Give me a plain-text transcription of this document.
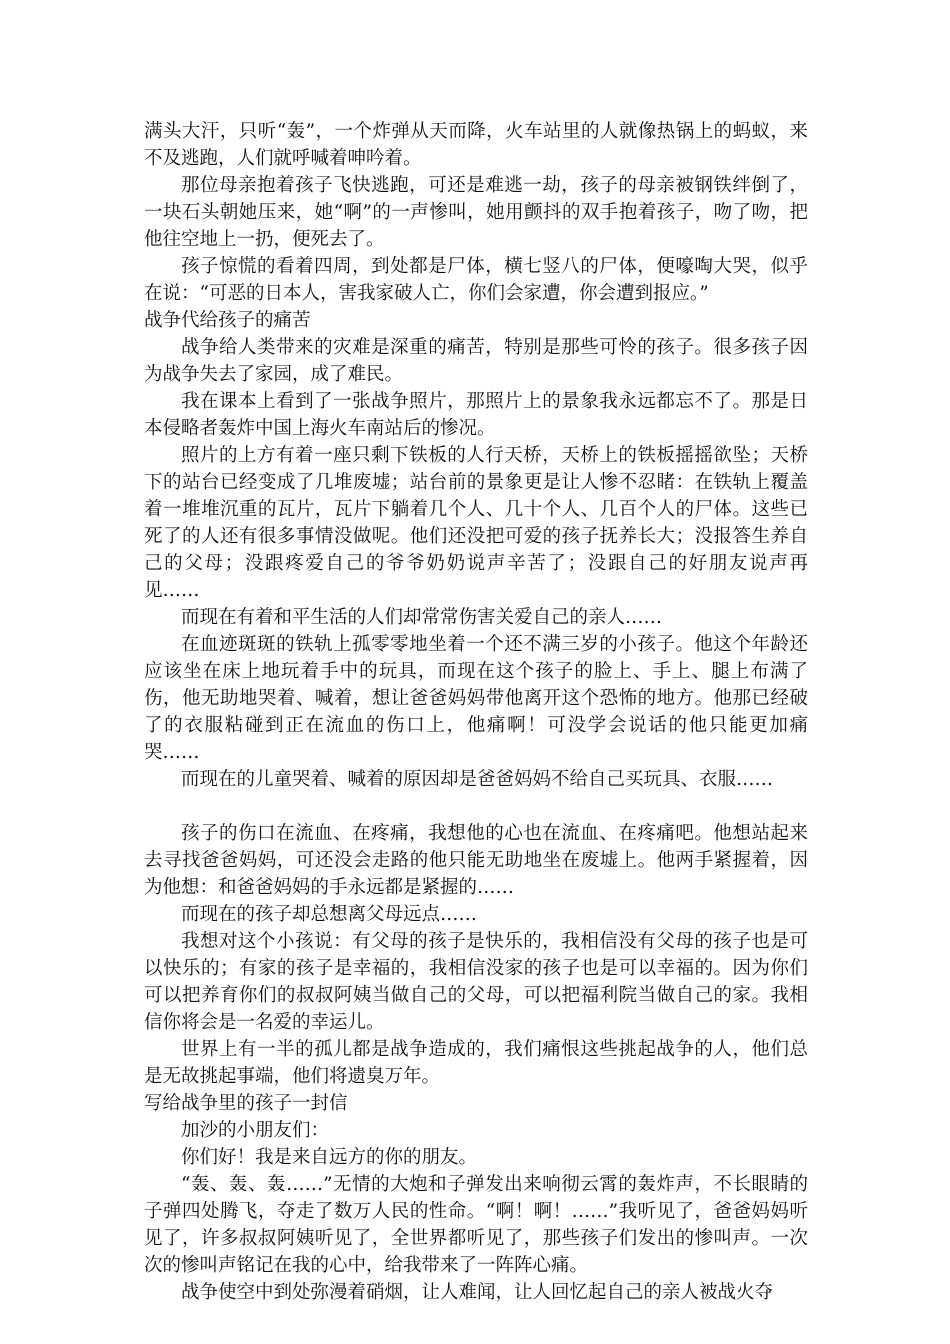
满头大汗，只听“轰”，一个炸弹从天而降，火车站里的人就像热锅上的蚂蚁，来不及逃跑，人们就呼喊着呻吟着。

那位母亲抱着孩子飞快逃跑，可还是难逃一劫，孩子的母亲被钢铁绊倒了，一块石头朝她压来，她“啊”的一声惨叫，她用颤抖的双手抱着孩子，吻了吻，把他往空地上一扔，便死去了。

孩子惊慌的看着四周，到处都是尸体，横七竖八的尸体，便嚎啕大哭，似乎在说：“可恶的日本人，害我家破人亡，你们会家遭，你会遭到报应。”

战争代给孩子的痛苦

战争给人类带来的灾难是深重的痛苦，特别是那些可怜的孩子。很多孩子因为战争失去了家园，成了难民。

我在课本上看到了一张战争照片，那照片上的景象我永远都忘不了。那是日本侵略者轰炸中国上海火车南站后的惨况。

照片的上方有着一座只剩下铁板的人行天桥，天桥上的铁板摇摇欲坠；天桥下的站台已经变成了几堆废墟；站台前的景象更是让人惨不忍睹：在铁轨上覆盖着一堆堆沉重的瓦片，瓦片下躺着几个人、几十个人、几百个人的尸体。这些已死了的人还有很多事情没做呢。他们还没把可爱的孩子抚养长大；没报答生养自己的父母；没跟疼爱自己的爷爷奶奶说声辛苦了；没跟自己的好朋友说声再见……

而现在有着和平生活的人们却常常伤害关爱自己的亲人……

在血迹斑斑的铁轨上孤零零地坐着一个还不满三岁的小孩子。他这个年龄还应该坐在床上地玩着手中的玩具，而现在这个孩子的脸上、手上、腿上布满了伤，他无助地哭着、喊着，想让爸爸妈妈带他离开这个恐怖的地方。他那已经破了的衣服粘碰到正在流血的伤口上，他痛啊！可没学会说话的他只能更加痛哭……

而现在的儿童哭着、喊着的原因却是爸爸妈妈不给自己买玩具、衣服……

孩子的伤口在流血、在疼痛，我想他的心也在流血、在疼痛吧。他想站起来去寻找爸爸妈妈，可还没会走路的他只能无助地坐在废墟上。他两手紧握着，因为他想：和爸爸妈妈的手永远都是紧握的……

而现在的孩子却总想离父母远点……

我想对这个小孩说：有父母的孩子是快乐的，我相信没有父母的孩子也是可以快乐的；有家的孩子是幸福的，我相信没家的孩子也是可以幸福的。因为你们可以把养育你们的叔叔阿姨当做自己的父母，可以把福利院当做自己的家。我相信你将会是一名爱的幸运儿。

世界上有一半的孤儿都是战争造成的，我们痛恨这些挑起战争的人，他们总是无故挑起事端，他们将遗臭万年。

写给战争里的孩子一封信

加沙的小朋友们：

你们好！我是来自远方的你的朋友。

“轰、轰、轰……”无情的大炮和子弹发出来响彻云霄的轰炸声，不长眼睛的子弹四处腾飞，夺走了数万人民的性命。“啊！啊！……”我听见了，爸爸妈妈听见了，许多叔叔阿姨听见了，全世界都听见了，那些孩子们发出的惨叫声。一次次的惨叫声铭记在我的心中，给我带来了一阵阵心痛。

战争使空中到处弥漫着硝烟，让人难闻，让人回忆起自己的亲人被战火夺
